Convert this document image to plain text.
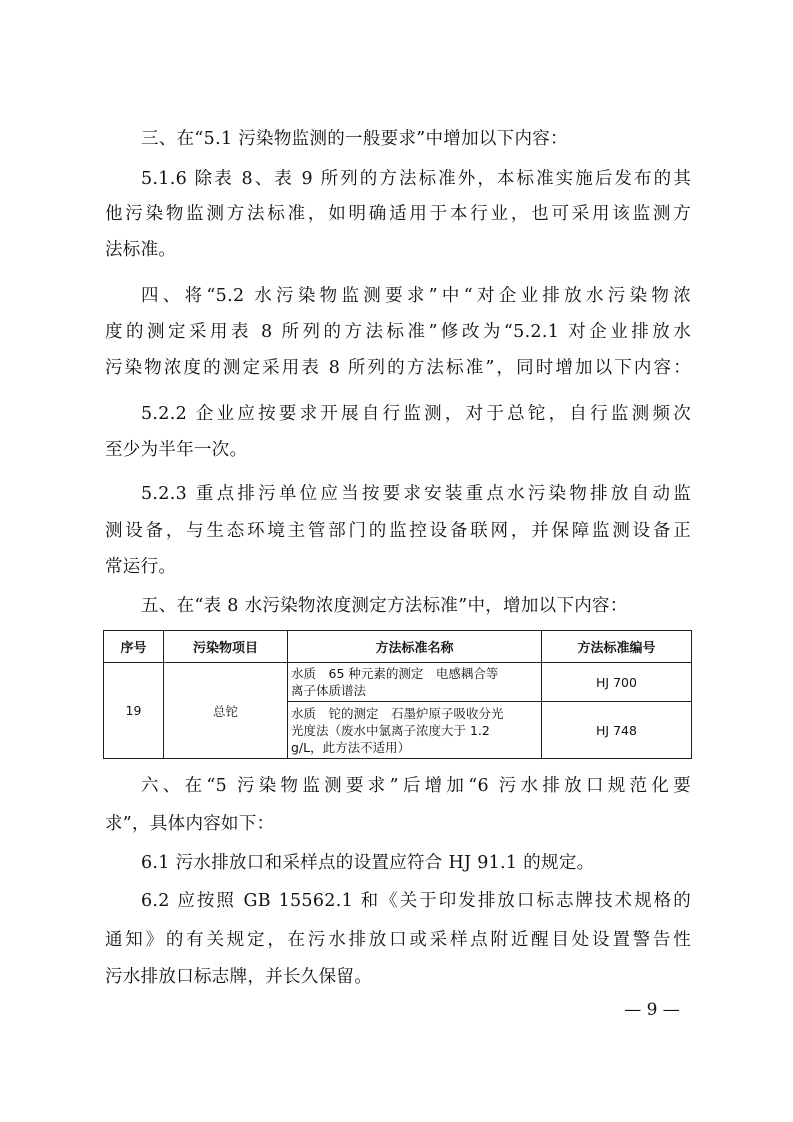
三、在“5.1 污染物监测的一般要求”中增加以下内容：
5.1.6 除表 8、表 9 所列的方法标准外，本标准实施后发布的其
他污染物监测方法标准，如明确适用于本行业，也可采用该监测方
法标准。
四、将“5.2 水污染物监测要求”中“对企业排放水污染物浓
度的测定采用表 8 所列的方法标准”修改为“5.2.1 对企业排放水
污染物浓度的测定采用表 8 所列的方法标准”，同时增加以下内容：
5.2.2 企业应按要求开展自行监测，对于总铊，自行监测频次
至少为半年一次。
5.2.3 重点排污单位应当按要求安装重点水污染物排放自动监
测设备，与生态环境主管部门的监控设备联网，并保障监测设备正
常运行。
五、在“表 8 水污染物浓度测定方法标准”中，增加以下内容：
序号	污染物项目	方法标准名称	方法标准编号
19	总铊	水质　65 种元素的测定　电感耦合等
离子体质谱法	HJ 700

		水质　铊的测定　石墨炉原子吸收分光
光度法（废水中氯离子浓度大于 1.2
g/L，此方法不适用）	HJ 748
六、在“5 污染物监测要求”后增加“6 污水排放口规范化要
求”，具体内容如下：
6.1 污水排放口和采样点的设置应符合 HJ 91.1 的规定。
6.2 应按照 GB 15562.1 和《关于印发排放口标志牌技术规格的
通知》的有关规定，在污水排放口或采样点附近醒目处设置警告性
污水排放口标志牌，并长久保留。
— 9 —
